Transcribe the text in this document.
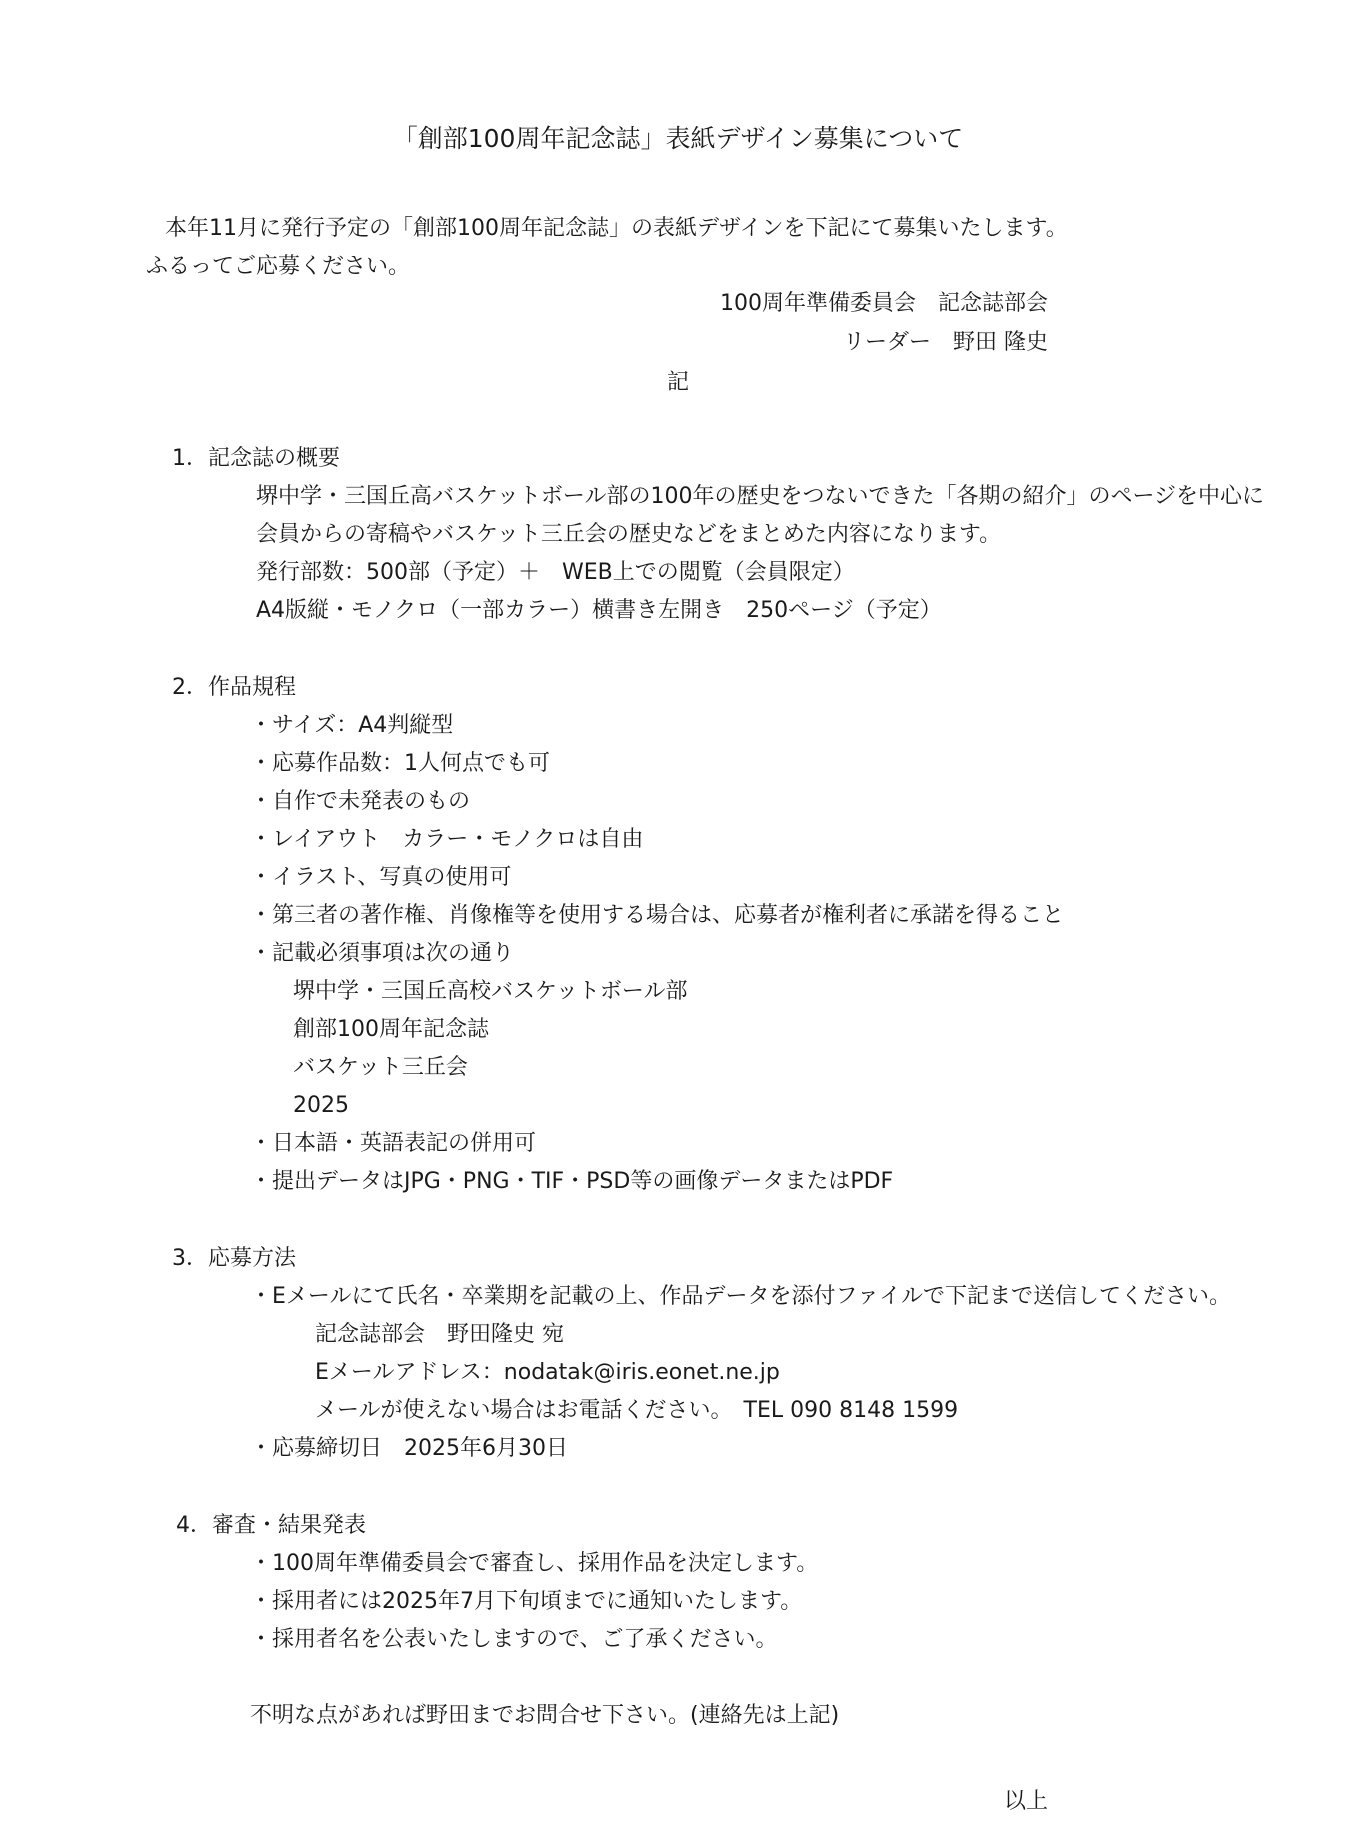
「創部100周年記念誌」表紙デザイン募集について
本年11月に発行予定の「創部100周年記念誌」の表紙デザインを下記にて募集いたします。
ふるってご応募ください。
100周年準備委員会　記念誌部会
リーダー　野田 隆史
記
1．記念誌の概要
堺中学・三国丘高バスケットボール部の100年の歴史をつないできた「各期の紹介」のページを中心に
会員からの寄稿やバスケット三丘会の歴史などをまとめた内容になります。
発行部数：500部（予定）＋　WEB上での閲覧（会員限定）
A4版縦・モノクロ（一部カラー）横書き左開き　250ページ（予定）
2．作品規程
・サイズ：A4判縦型
・応募作品数：1人何点でも可
・自作で未発表のもの
・レイアウト　カラー・モノクロは自由
・イラスト、写真の使用可
・第三者の著作権、肖像権等を使用する場合は、応募者が権利者に承諾を得ること
・記載必須事項は次の通り
堺中学・三国丘高校バスケットボール部
創部100周年記念誌
バスケット三丘会
2025
・日本語・英語表記の併用可
・提出データはJPG・PNG・TIF・PSD等の画像データまたはPDF
3．応募方法
・Eメールにて氏名・卒業期を記載の上、作品データを添付ファイルで下記まで送信してください。
記念誌部会　野田隆史 宛
Eメールアドレス：nodatak@iris.eonet.ne.jp
メールが使えない場合はお電話ください。　TEL 090 8148 1599
・応募締切日　2025年6月30日
4．審査・結果発表
・100周年準備委員会で審査し、採用作品を決定します。
・採用者には2025年7月下旬頃までに通知いたします。
・採用者名を公表いたしますので、ご了承ください。
不明な点があれば野田までお問合せ下さい。(連絡先は上記)
以上
